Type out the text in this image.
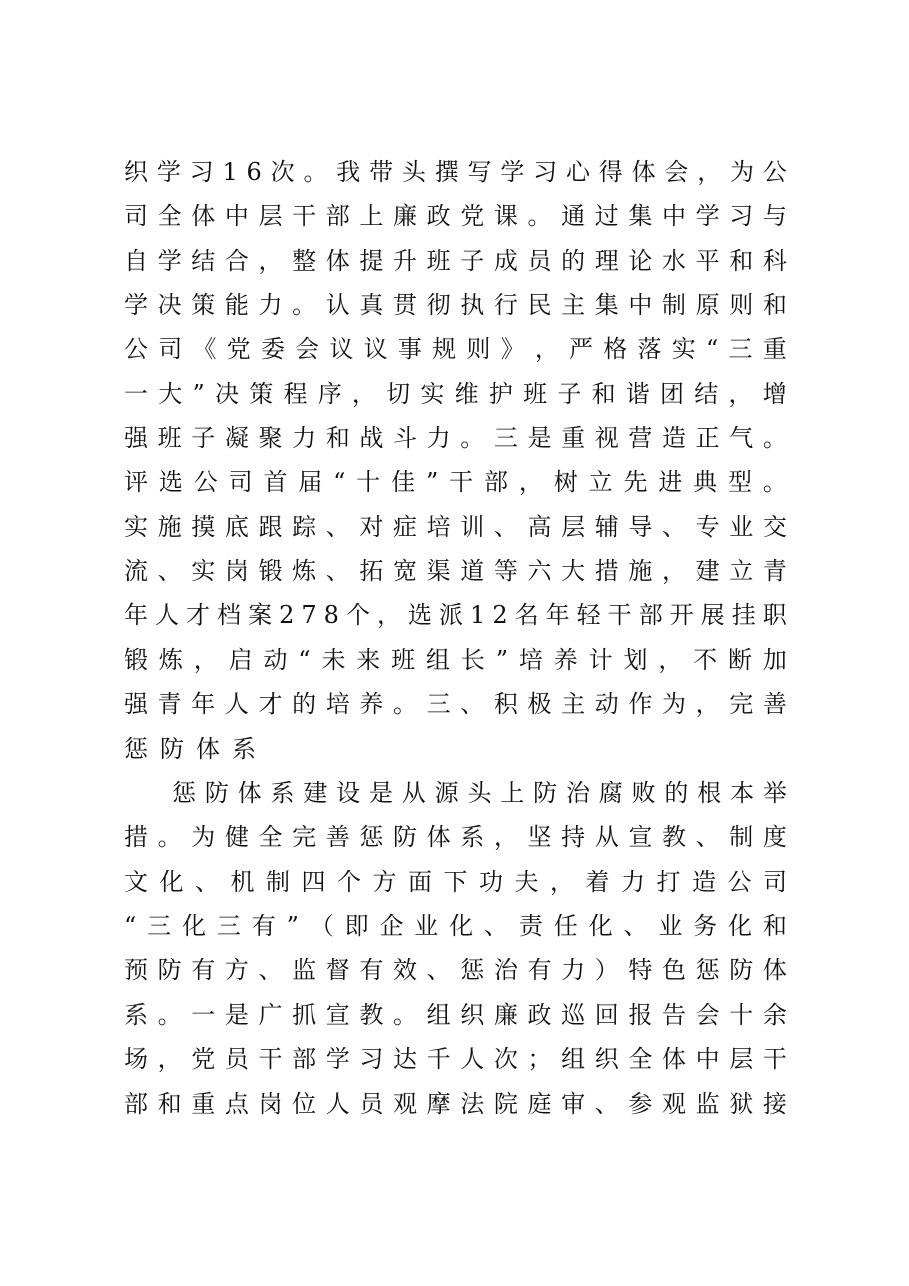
织 学 习 1 6 次 。 我 带 头 撰 写 学 习 心 得 体 会 ， 为 公
司 全 体 中 层 干 部 上 廉 政 党 课 。 通 过 集 中 学 习 与
自 学 结 合 ， 整 体 提 升 班 子 成 员 的 理 论 水 平 和 科
学 决 策 能 力 。 认 真 贯 彻 执 行 民 主 集 中 制 原 则 和
公 司 《 党 委 会 议 议 事 规 则 》 ， 严 格 落 实 “ 三 重
一 大 ” 决 策 程 序 ， 切 实 维 护 班 子 和 谐 团 结 ， 增
强 班 子 凝 聚 力 和 战 斗 力 。 三 是 重 视 营 造 正 气 。
评 选 公 司 首 届 “ 十 佳 ” 干 部 ， 树 立 先 进 典 型 。
实 施 摸 底 跟 踪 、 对 症 培 训 、 高 层 辅 导 、 专 业 交
流 、 实 岗 锻 炼 、 拓 宽 渠 道 等 六 大 措 施 ， 建 立 青
年 人 才 档 案 2 7 8 个 ， 选 派 1 2 名 年 轻 干 部 开 展 挂 职
锻 炼 ， 启 动 “ 未 来 班 组 长 ” 培 养 计 划 ， 不 断 加
强 青 年 人 才 的 培 养 。 三 、 积 极 主 动 作 为 ， 完 善
惩防体系
惩 防 体 系 建 设 是 从 源 头 上 防 治 腐 败 的 根 本 举
措 。 为 健 全 完 善 惩 防 体 系 ， 坚 持 从 宣 教 、 制 度
文 化 、 机 制 四 个 方 面 下 功 夫 ， 着 力 打 造 公 司
“ 三 化 三 有 ” （ 即 企 业 化 、 责 任 化 、 业 务 化 和
预 防 有 方 、 监 督 有 效 、 惩 治 有 力 ） 特 色 惩 防 体
系 。 一 是 广 抓 宣 教 。 组 织 廉 政 巡 回 报 告 会 十 余
场 ， 党 员 干 部 学 习 达 千 人 次 ； 组 织 全 体 中 层 干
部 和 重 点 岗 位 人 员 观 摩 法 院 庭 审 、 参 观 监 狱 接
